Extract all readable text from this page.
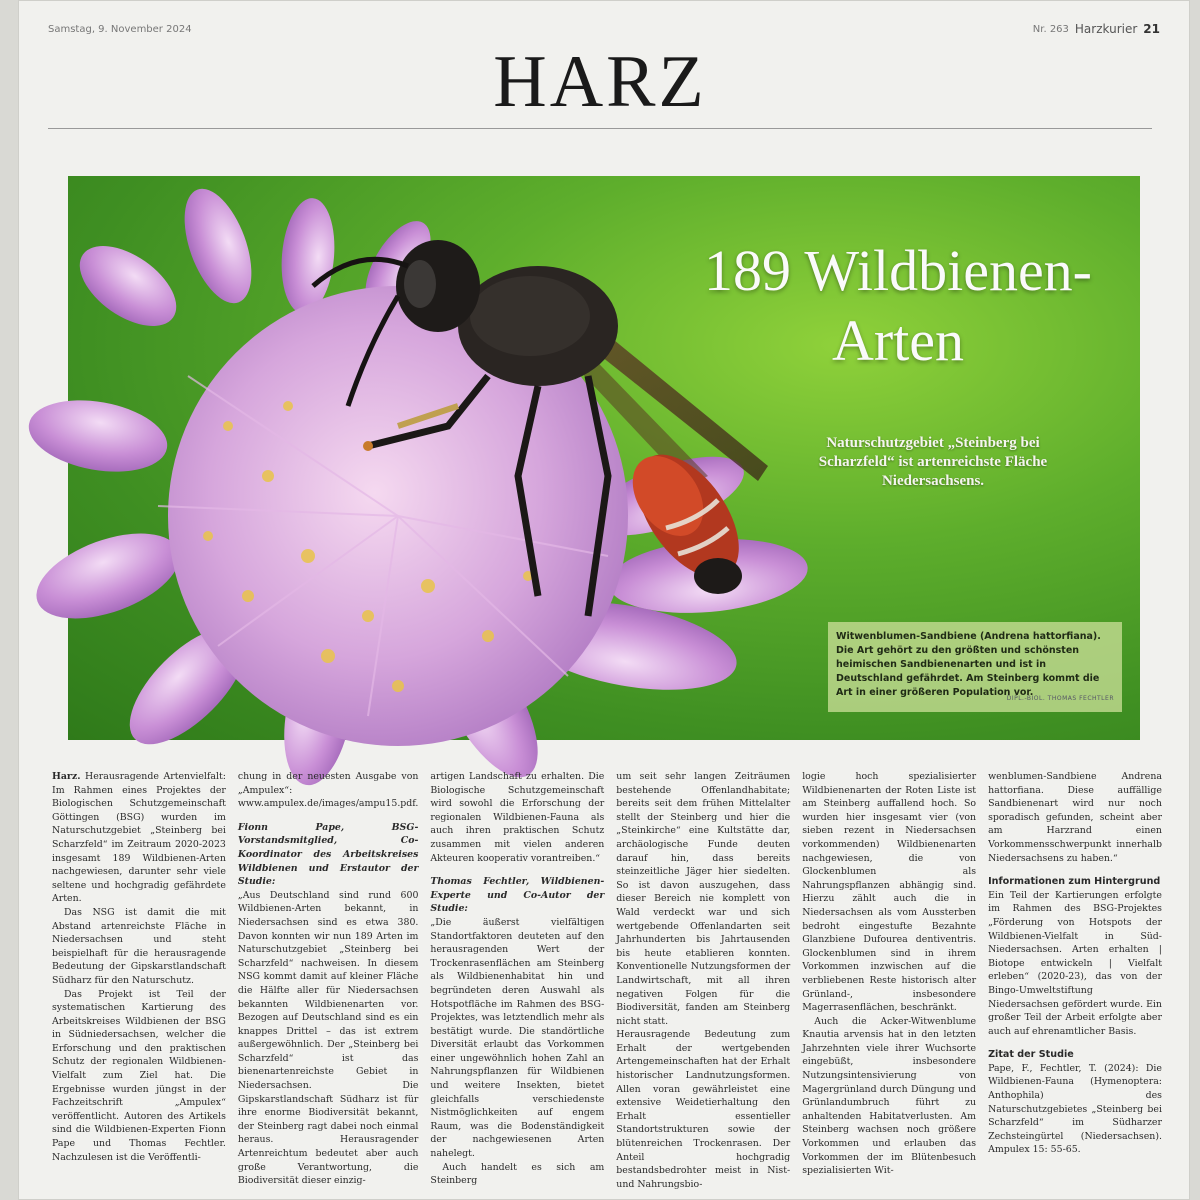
Samstag, 9. November 2024	Nr. 263 Harzkurier 21
HARZ
189 Wildbienen-
Arten
Naturschutzgebiet „Steinberg bei Scharzfeld“ ist artenreichste Fläche Niedersachsens.
Witwenblumen-Sandbiene (Andrena hattorfiana). Die Art gehört zu den größten und schönsten heimischen Sandbienenarten und ist in Deutschland gefährdet. Am Steinberg kommt die Art in einer größeren Population vor.
DIPL.-BIOL. THOMAS FECHTLER

Harz. Herausragende Artenvielfalt: Im Rahmen eines Projektes der Biologischen Schutzgemeinschaft Göttingen (BSG) wurden im Naturschutzgebiet „Steinberg bei Scharzfeld“ im Zeitraum 2020-2023 insgesamt 189 Wildbienen-Arten nachgewiesen, darunter sehr viele seltene und hochgradig gefährdete Arten.

Das NSG ist damit die mit Abstand artenreichste Fläche in Niedersachsen und steht beispielhaft für die herausragende Bedeutung der Gipskarstlandschaft Südharz für den Naturschutz.

Das Projekt ist Teil der systematischen Kartierung des Arbeitskreises Wildbienen der BSG in Südniedersachsen, welcher die Erforschung und den praktischen Schutz der regionalen Wildbienen-Vielfalt zum Ziel hat. Die Ergebnisse wurden jüngst in der Fachzeitschrift „Ampulex“ veröffentlicht. Autoren des Artikels sind die Wildbienen-Experten Fionn Pape und Thomas Fechtler. Nachzulesen ist die Veröffentli-

chung in der neuesten Ausgabe von „Ampulex“: www.ampulex.de/images/ampu15.pdf.

Fionn Pape, BSG-Vorstandsmitglied, Co-Koordinator des Arbeitskreises Wildbienen und Erstautor der Studie:

„Aus Deutschland sind rund 600 Wildbienen-Arten bekannt, in Niedersachsen sind es etwa 380. Davon konnten wir nun 189 Arten im Naturschutzgebiet „Steinberg bei Scharzfeld“ nachweisen. In diesem NSG kommt damit auf kleiner Fläche die Hälfte aller für Niedersachsen bekannten Wildbienenarten vor. Bezogen auf Deutschland sind es ein knappes Drittel – das ist extrem außergewöhnlich. Der „Steinberg bei Scharzfeld“ ist das bienenartenreichste Gebiet in Niedersachsen. Die Gipskarstlandschaft Südharz ist für ihre enorme Biodiversität bekannt, der Steinberg ragt dabei noch einmal heraus. Herausragender Artenreichtum bedeutet aber auch große Verantwortung, die Biodiversität dieser einzig-

artigen Landschaft zu erhalten. Die Biologische Schutzgemeinschaft wird sowohl die Erforschung der regionalen Wildbienen-Fauna als auch ihren praktischen Schutz zusammen mit vielen anderen Akteuren kooperativ vorantreiben.“

Thomas Fechtler, Wildbienen-Experte und Co-Autor der Studie:

„Die äußerst vielfältigen Standortfaktoren deuteten auf den herausragenden Wert der Trockenrasenflächen am Steinberg als Wildbienenhabitat hin und begründeten deren Auswahl als Hotspotfläche im Rahmen des BSG-Projektes, was letztendlich mehr als bestätigt wurde. Die standörtliche Diversität erlaubt das Vorkommen einer ungewöhnlich hohen Zahl an Nahrungspflanzen für Wildbienen und weitere Insekten, bietet gleichfalls verschiedenste Nistmöglichkeiten auf engem Raum, was die Bodenständigkeit der nachgewiesenen Arten nahelegt.

Auch handelt es sich am Steinberg

um seit sehr langen Zeiträumen bestehende Offenlandhabitate; bereits seit dem frühen Mittelalter stellt der Steinberg und hier die „Steinkirche“ eine Kultstätte dar, archäologische Funde deuten darauf hin, dass bereits steinzeitliche Jäger hier siedelten. So ist davon auszugehen, dass dieser Bereich nie komplett von Wald verdeckt war und sich wertgebende Offenlandarten seit Jahrhunderten bis Jahrtausenden bis heute etablieren konnten. Konventionelle Nutzungsformen der Landwirtschaft, mit all ihren negativen Folgen für die Biodiversität, fanden am Steinberg nicht statt.

Herausragende Bedeutung zum Erhalt der wertgebenden Artengemeinschaften hat der Erhalt historischer Landnutzungsformen. Allen voran gewährleistet eine extensive Weidetierhaltung den Erhalt essentieller Standortstrukturen sowie der blütenreichen Trockenrasen. Der Anteil hochgradig bestandsbedrohter meist in Nist- und Nahrungsbio-

logie hoch spezialisierter Wildbienenarten der Roten Liste ist am Steinberg auffallend hoch. So wurden hier insgesamt vier (von sieben rezent in Niedersachsen vorkommenden) Wildbienenarten nachgewiesen, die von Glockenblumen als Nahrungspflanzen abhängig sind. Hierzu zählt auch die in Niedersachsen als vom Aussterben bedroht eingestufte Bezahnte Glanzbiene Dufourea dentiventris. Glockenblumen sind in ihrem Vorkommen inzwischen auf die verbliebenen Reste historisch alter Grünland-, insbesondere Magerrasenflächen, beschränkt.

Auch die Acker-Witwenblume Knautia arvensis hat in den letzten Jahrzehnten viele ihrer Wuchsorte eingebüßt, insbesondere Nutzungsintensivierung von Magergrünland durch Düngung und Grünlandumbruch führt zu anhaltenden Habitatverlusten. Am Steinberg wachsen noch größere Vorkommen und erlauben das Vorkommen der im Blütenbesuch spezialisierten Wit-

wenblumen-Sandbiene Andrena hattorfiana. Diese auffällige Sandbienenart wird nur noch sporadisch gefunden, scheint aber am Harzrand einen Vorkommensschwerpunkt innerhalb Niedersachsens zu haben.“

Informationen zum Hintergrund

Ein Teil der Kartierungen erfolgte im Rahmen des BSG-Projektes „Förderung von Hotspots der Wildbienen-Vielfalt in Süd-Niedersachsen. Arten erhalten | Biotope entwickeln | Vielfalt erleben“ (2020-23), das von der Bingo-Umweltstiftung Niedersachsen gefördert wurde. Ein großer Teil der Arbeit erfolgte aber auch auf ehrenamtlicher Basis.

Zitat der Studie

Pape, F., Fechtler, T. (2024): Die Wildbienen-Fauna (Hymenoptera: Anthophila) des Naturschutzgebietes „Steinberg bei Scharzfeld“ im Südharzer Zechsteingürtel (Niedersachsen). Ampulex 15: 55-65.
